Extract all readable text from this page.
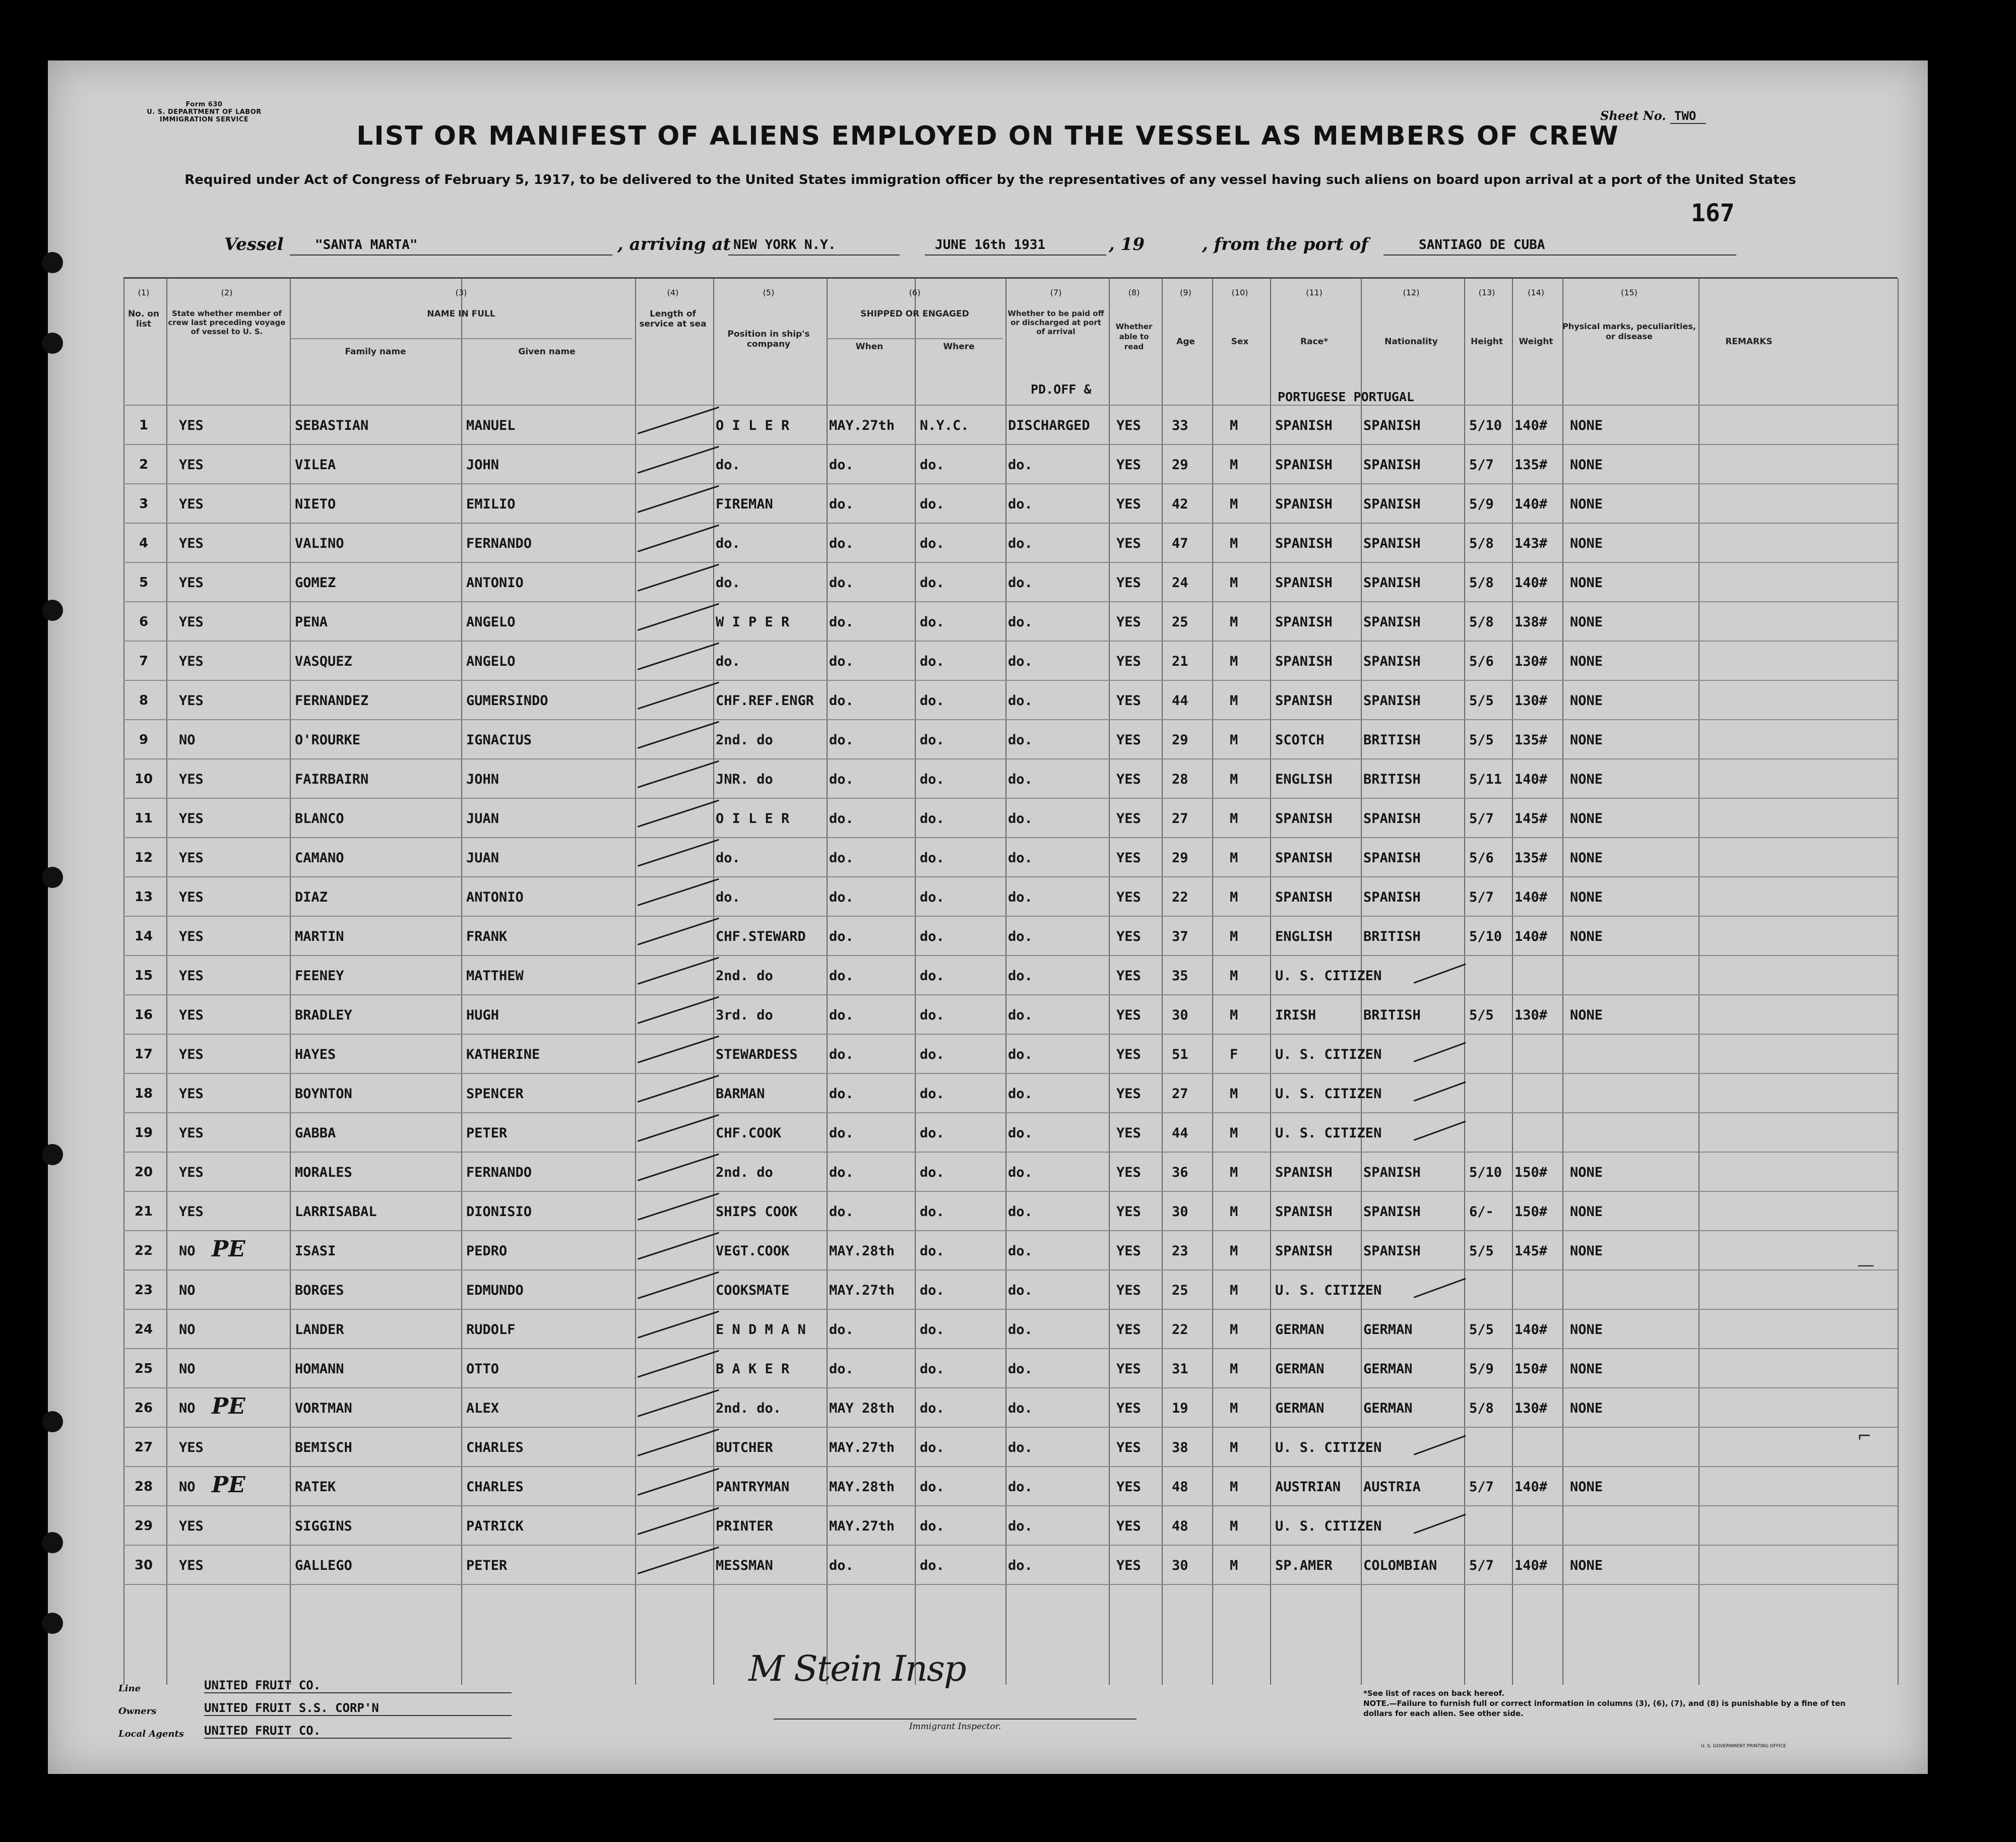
Form 630
U. S. DEPARTMENT OF LABOR
IMMIGRATION SERVICE	Sheet No. TWO
LIST OR MANIFEST OF ALIENS EMPLOYED ON THE VESSEL AS MEMBERS OF CREW
Required under Act of Congress of February 5, 1917, to be delivered to the United States immigration officer by the representatives of any vessel having such aliens on board upon arrival at a port of the United States
167
Vessel "SANTA MARTA"	, arriving at NEW YORK N.Y.	JUNE 16th 1931	, 19	, from the port of	SANTIAGO DE CUBA
No. on list
State whether member of crew last preceding voyage of vessel to U. S.
NAME IN FULL
Family name	Given name
Length of service at sea
Position in ship's company
SHIPPED OR ENGAGED
When	Where
Whether to be paid off or discharged at port of arrival
Whether able to read	Age	Sex	Race*	Nationality	Height	Weight
Physical marks, peculiarities, or disease
REMARKS
(1)	(2)	(3)	(4)	(5)	(6)	(7)	(8)	(9)	(10)	(11)	(12)	(13)	(14)	(15)
PD.OFF &
PORTUGESE PORTUGAL
1	YES	SEBASTIAN	MANUEL	O I L E R	MAY.27th N.Y.C.	DISCHARGED YES 33	M	SPANISH SPANISH	5/10 140# NONE
2	YES	VILEA	JOHN	do.	do.	do.	do.	YES 29	M	SPANISH SPANISH	5/7 135# NONE
3	YES	NIETO	EMILIO	FIREMAN	do.	do.	do.	YES 42	M	SPANISH SPANISH	5/9 140# NONE
4	YES	VALINO	FERNANDO	do.	do.	do.	do.	YES 47	M	SPANISH SPANISH	5/8 143# NONE
5	YES	GOMEZ	ANTONIO	do.	do.	do.	do.	YES 24	M	SPANISH SPANISH	5/8 140# NONE
6	YES	PENA	ANGELO	W I P E R	do.	do.	do.	YES 25	M	SPANISH SPANISH	5/8 138# NONE
7	YES	VASQUEZ	ANGELO	do.	do.	do.	do.	YES 21	M	SPANISH SPANISH	5/6 130# NONE
8	YES	FERNANDEZ	GUMERSINDO	CHF.REF.ENGR do.	do.	do.	YES 44	M	SPANISH SPANISH	5/5 130# NONE
9	NO	O'ROURKE	IGNACIUS	2nd. do	do.	do.	do.	YES 29	M	SCOTCH	BRITISH	5/5 135# NONE
10 YES	FAIRBAIRN	JOHN	JNR. do	do.	do.	do.	YES 28	M	ENGLISH BRITISH	5/11 140# NONE
11 YES	BLANCO	JUAN	O I L E R	do.	do.	do.	YES 27	M	SPANISH SPANISH	5/7 145# NONE
12 YES	CAMANO	JUAN	do.	do.	do.	do.	YES 29	M	SPANISH SPANISH	5/6 135# NONE
13 YES	DIAZ	ANTONIO	do.	do.	do.	do.	YES 22	M	SPANISH SPANISH	5/7 140# NONE
14 YES	MARTIN	FRANK	CHF.STEWARD do.	do.	do.	YES 37	M	ENGLISH BRITISH	5/10 140# NONE
15 YES	FEENEY	MATTHEW	2nd. do	do.	do.	do.	YES 35	M	U. S. CITIZEN
16 YES	BRADLEY	HUGH	3rd. do	do.	do.	do.	YES 30	M	IRISH	BRITISH	5/5 130# NONE
17 YES	HAYES	KATHERINE	STEWARDESS do.	do.	do.	YES 51	F	U. S. CITIZEN
18 YES	BOYNTON	SPENCER	BARMAN	do.	do.	do.	YES 27	M	U. S. CITIZEN
19 YES	GABBA	PETER	CHF.COOK	do.	do.	do.	YES 44	M	U. S. CITIZEN
20 YES	MORALES	FERNANDO	2nd. do	do.	do.	do.	YES 36	M	SPANISH SPANISH	5/10 150# NONE
21 YES	LARRISABAL	DIONISIO	SHIPS COOK do.	do.	do.	YES 30	M	SPANISH SPANISH	6/- 150# NONE
22 NO	ISASI	PEDRO	VEGT.COOK	MAY.28th do.	do.	YES 23	M	SPANISH SPANISH	5/5 145# NONE
PE
23 NO	BORGES	EDMUNDO	COOKSMATE	MAY.27th do.	do.	YES 25	M	U. S. CITIZEN
24 NO	LANDER	RUDOLF	E N D M A N do.	do.	do.	YES 22	M	GERMAN	GERMAN	5/5 140# NONE
25 NO	HOMANN	OTTO	B A K E R	do.	do.	do.	YES 31	M	GERMAN	GERMAN	5/9 150# NONE
26 NO	VORTMAN	ALEX	2nd. do.	MAY 28th do.	do.	YES 19	M	GERMAN	GERMAN	5/8 130# NONE
PE
27 YES	BEMISCH	CHARLES	BUTCHER	MAY.27th do.	do.	YES 38	M	U. S. CITIZEN
28 NO	RATEK	CHARLES	PANTRYMAN	MAY.28th do.	do.	YES 48	M	AUSTRIAN AUSTRIA	5/7 140# NONE
PE
29 YES	SIGGINS	PATRICK	PRINTER	MAY.27th do.	do.	YES 48	M	U. S. CITIZEN
30 YES	GALLEGO	PETER	MESSMAN	do.	do.	do.	YES 30	M	SP.AMER COLOMBIAN 5/7 140# NONE
M Stein Insp
—
⌐
Line	UNITED FRUIT CO.
Owners	UNITED FRUIT S.S. CORP'N
Local Agents UNITED FRUIT CO.	Immigrant Inspector.
*See list of races on back hereof.
NOTE.—Failure to furnish full or correct information in columns (3), (6), (7), and (8) is punishable by a fine of ten dollars for each alien. See other side.
U. S. GOVERNMENT PRINTING OFFICE
